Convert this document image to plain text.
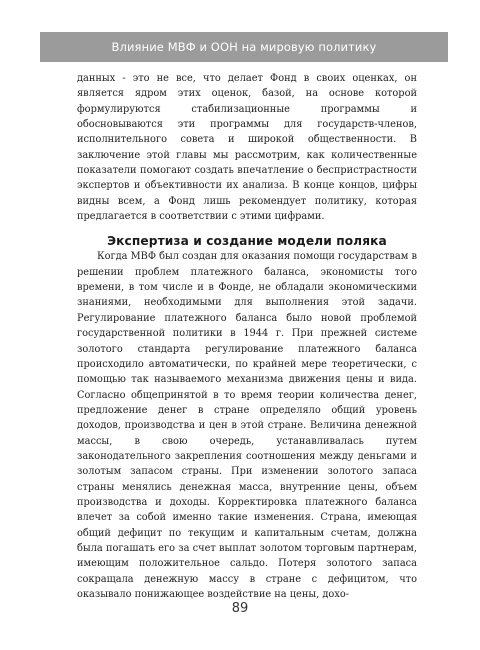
Влияние МВФ и ООН на мировую политику

данных - это не все, что делает Фонд в своих оценках, он является ядром этих оценок, базой, на основе которой формулируются стабилизационные программы и обосновываются эти программы для государств-членов, исполнительного совета и широкой общественности. В заключение этой главы мы рассмотрим, как количественные показатели помогают создать впечатление о беспристрастности экспертов и объективности их анализа. В конце концов, цифры видны всем, а Фонд лишь рекомендует политику, которая предлагается в соответствии с этими цифрами.

Экспертиза и создание модели поляка

Когда МВФ был создан для оказания помощи государствам в решении проблем платежного баланса, экономисты того времени, в том числе и в Фонде, не обладали экономическими знаниями, необходимыми для выполнения этой задачи. Регулирование платежного баланса было новой проблемой государственной политики в 1944 г. При прежней системе золотого стандарта регулирование платежного баланса происходило автоматически, по крайней мере теоретически, с помощью так называемого механизма движения цены и вида. Согласно общепринятой в то время теории количества денег, предложение денег в стране определяло общий уровень доходов, производства и цен в этой стране. Величина денежной массы, в свою очередь, устанавливалась путем законодательного закрепления соотношения между деньгами и золотым запасом страны. При изменении золотого запаса страны менялись денежная масса, внутренние цены, объем производства и доходы. Корректировка платежного баланса влечет за собой именно такие изменения. Страна, имеющая общий дефицит по текущим и капитальным счетам, должна была погашать его за счет выплат золотом торговым партнерам, имеющим положительное сальдо. Потеря золотого запаса сокращала денежную массу в стране с дефицитом, что оказывало понижающее воздействие на цены, дохо-

89
